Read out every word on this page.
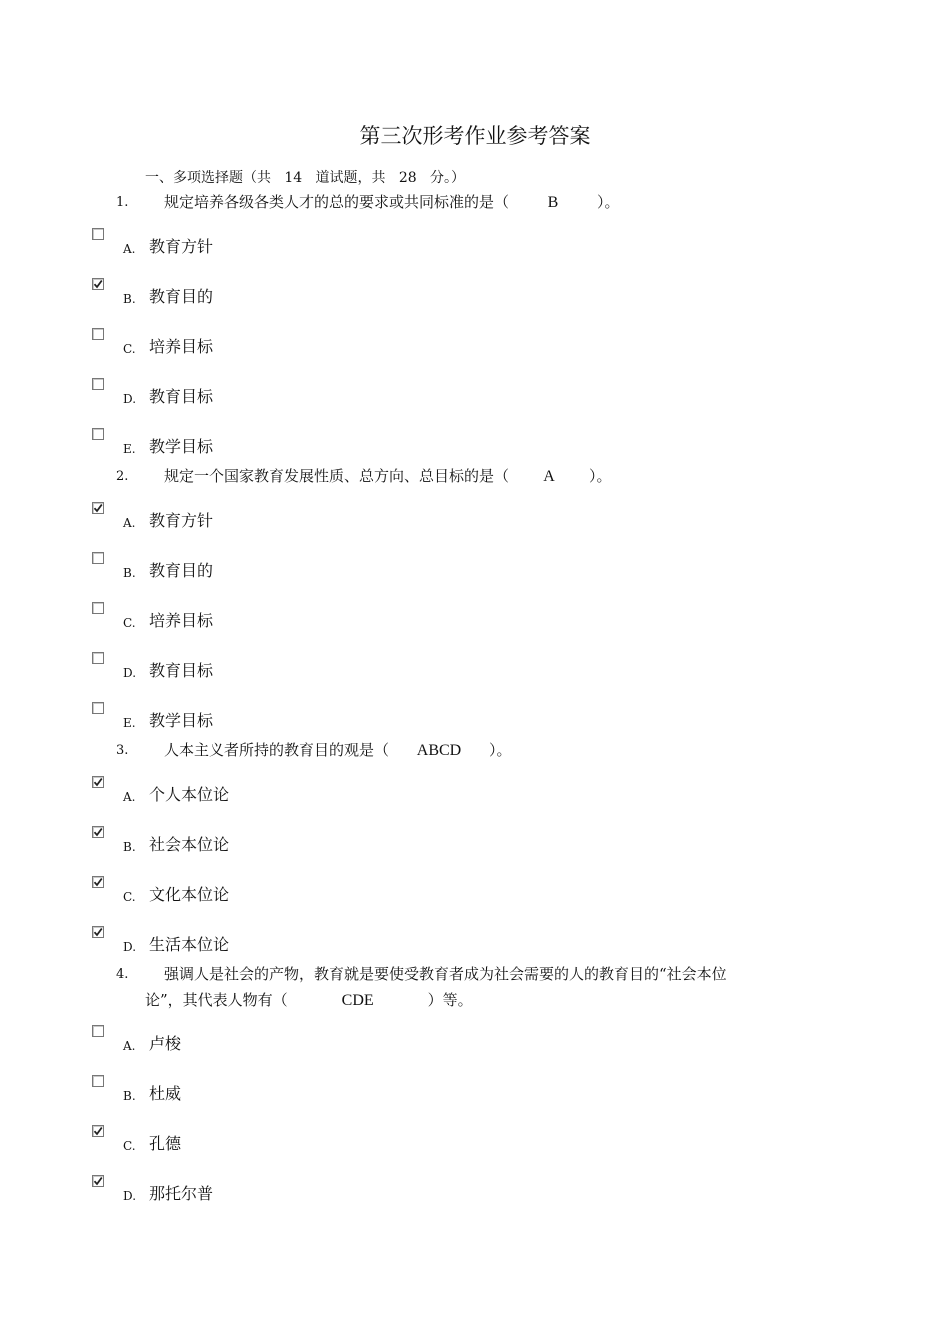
第三次形考作业参考答案
一、多项选择题（共   14   道试题，共   28   分。）
1. 规定培养各级各类人才的总的要求或共同标准的是（ B	）。
A. 教育方针
B. 教育目的
C. 培养目标
D. 教育目标
E. 教学目标
2. 规定一个国家教育发展性质、总方向、总目标的是（ A ）。
A. 教育方针
B. 教育目的
C. 培养目标
D. 教育目标
E. 教学目标
3. 人本主义者所持的教育目的观是（ ABCD ）。
A. 个人本位论
B. 社会本位论
C. 文化本位论
D. 生活本位论
4. 强调人是社会的产物，教育就是要使受教育者成为社会需要的人的教育目的“社会本位
论”，其代表人物有（	CDE	）等。
A. 卢梭
B. 杜威
C. 孔德
D. 那托尔普
